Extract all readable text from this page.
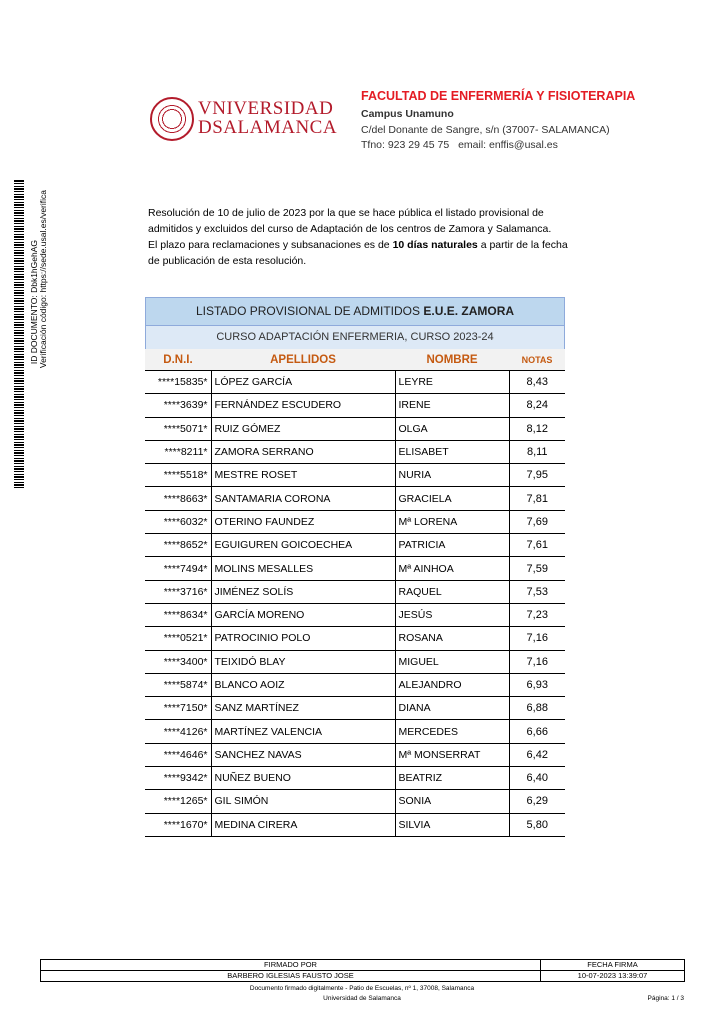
ID DOCUMENTO: Dbk1hGehAG Verificación código: https://sede.usal.es/verifica
VNIVERSIDAD
DSALAMANCA
FACULTAD DE ENFERMERÍA Y FISIOTERAPIA
Campus Unamuno
C/del Donante de Sangre, s/n (37007- SALAMANCA)
Tfno: 923 29 45 75 email: enffis@usal.es
Resolución de 10 de julio de 2023 por la que se hace pública el listado provisional de admitidos y excluidos del curso de Adaptación de los centros de Zamora y Salamanca.
El plazo para reclamaciones y subsanaciones es de 10 días naturales a partir de la fecha de publicación de esta resolución.
LISTADO PROVISIONAL DE ADMITIDOS E.U.E. ZAMORA
CURSO ADAPTACIÓN ENFERMERIA, CURSO 2023-24
D.N.I.	APELLIDOS	NOMBRE	NOTAS
****15835*	LÓPEZ GARCÍA	LEYRE	8,43
****3639*	FERNÁNDEZ ESCUDERO	IRENE	8,24
****5071*	RUIZ GÓMEZ	OLGA	8,12
****8211*	ZAMORA SERRANO	ELISABET	8,11
****5518*	MESTRE ROSET	NURIA	7,95
****8663*	SANTAMARIA CORONA	GRACIELA	7,81
****6032*	OTERINO FAUNDEZ	Mª LORENA	7,69
****8652*	EGUIGUREN GOICOECHEA	PATRICIA	7,61
****7494*	MOLINS MESALLES	Mª AINHOA	7,59
****3716*	JIMÉNEZ SOLÍS	RAQUEL	7,53
****8634*	GARCÍA MORENO	JESÚS	7,23
****0521*	PATROCINIO POLO	ROSANA	7,16
****3400*	TEIXIDÓ BLAY	MIGUEL	7,16
****5874*	BLANCO AOIZ	ALEJANDRO	6,93
****7150*	SANZ MARTÍNEZ	DIANA	6,88
****4126*	MARTÍNEZ VALENCIA	MERCEDES	6,66
****4646*	SANCHEZ NAVAS	Mª MONSERRAT	6,42
****9342*	NUÑEZ BUENO	BEATRIZ	6,40
****1265*	GIL SIMÓN	SONIA	6,29
****1670*	MEDINA CIRERA	SILVIA	5,80
FIRMADO POR	FECHA FIRMA
BARBERO IGLESIAS FAUSTO JOSE	10-07-2023 13:39:07
Documento firmado digitalmente - Patio de Escuelas, nº 1, 37008, Salamanca
Universidad de Salamanca	Página: 1 / 3
